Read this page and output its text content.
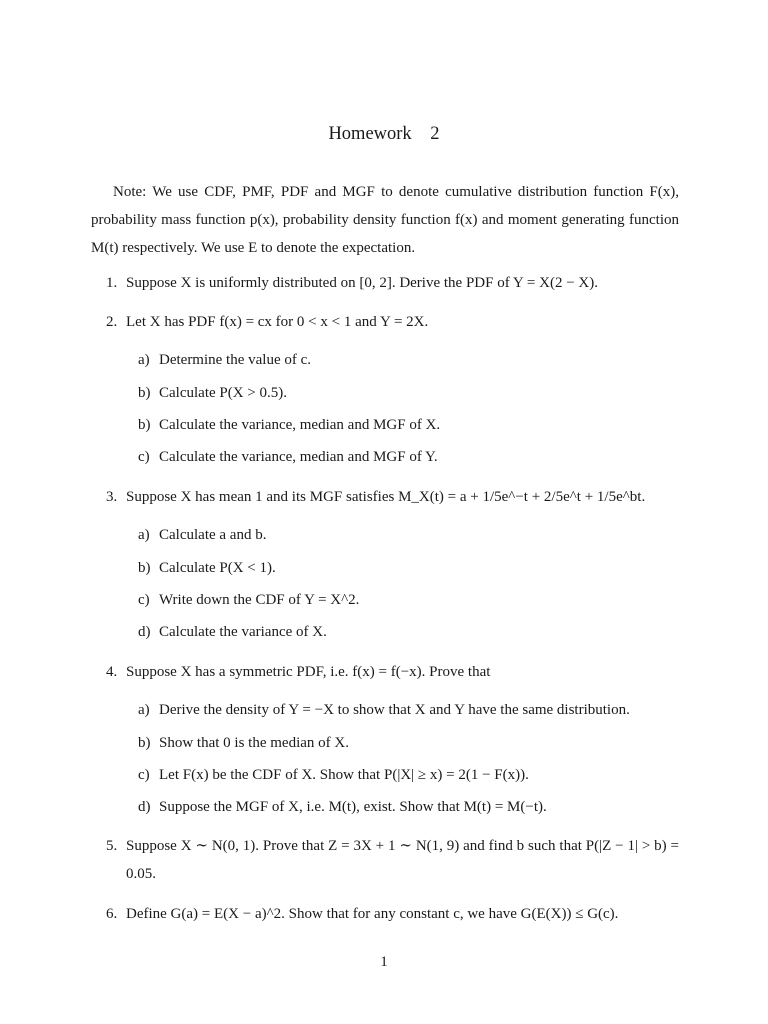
Homework 2
Note: We use CDF, PMF, PDF and MGF to denote cumulative distribution function F(x), probability mass function p(x), probability density function f(x) and moment generating function M(t) respectively. We use E to denote the expectation.
1. Suppose X is uniformly distributed on [0, 2]. Derive the PDF of Y = X(2 − X).
2. Let X has PDF f(x) = cx for 0 < x < 1 and Y = 2X.
a) Determine the value of c.
b) Calculate P(X > 0.5).
b) Calculate the variance, median and MGF of X.
c) Calculate the variance, median and MGF of Y.
3. Suppose X has mean 1 and its MGF satisfies M_X(t) = a + 1/5e^−t + 2/5e^t + 1/5e^bt.
a) Calculate a and b.
b) Calculate P(X < 1).
c) Write down the CDF of Y = X^2.
d) Calculate the variance of X.
4. Suppose X has a symmetric PDF, i.e. f(x) = f(−x). Prove that
a) Derive the density of Y = −X to show that X and Y have the same distribution.
b) Show that 0 is the median of X.
c) Let F(x) be the CDF of X. Show that P(|X| ≥ x) = 2(1 − F(x)).
d) Suppose the MGF of X, i.e. M(t), exist. Show that M(t) = M(−t).
5. Suppose X ∼ N(0, 1). Prove that Z = 3X + 1 ∼ N(1, 9) and find b such that P(|Z − 1| > b) = 0.05.
6. Define G(a) = E(X − a)^2. Show that for any constant c, we have G(E(X)) ≤ G(c).
1
